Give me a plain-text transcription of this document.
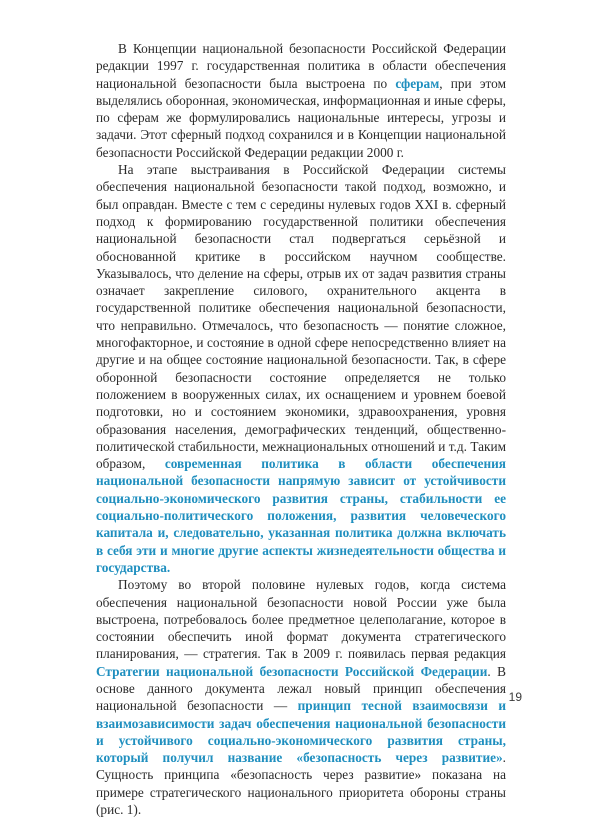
В Концепции национальной безопасности Российской Федерации редакции 1997 г. государственная политика в области обеспечения национальной безопасности была выстроена по сферам, при этом выделялись оборонная, экономическая, информационная и иные сферы, по сферам же формулировались национальные интересы, угрозы и задачи. Этот сферный подход сохранился и в Концепции национальной безопасности Российской Федерации редакции 2000 г.

На этапе выстраивания в Российской Федерации системы обеспечения национальной безопасности такой подход, возможно, и был оправдан. Вместе с тем с середины нулевых годов XXI в. сферный подход к формированию государственной политики обеспечения национальной безопасности стал подвергаться серьёзной и обоснованной критике в российском научном сообществе. Указывалось, что деление на сферы, отрыв их от задач развития страны означает закрепление силового, охранительного акцента в государственной политике обеспечения национальной безопасности, что неправильно. Отмечалось, что безопасность — понятие сложное, многофакторное, и состояние в одной сфере непосредственно влияет на другие и на общее состояние национальной безопасности. Так, в сфере оборонной безопасности состояние определяется не только положением в вооруженных силах, их оснащением и уровнем боевой подготовки, но и состоянием экономики, здравоохранения, уровня образования населения, демографических тенденций, общественно-политической стабильности, межнациональных отношений и т.д. Таким образом, современная политика в области обеспечения национальной безопасности напрямую зависит от устойчивости социально-экономического развития страны, стабильности ее социально-политического положения, развития человеческого капитала и, следовательно, указанная политика должна включать в себя эти и многие другие аспекты жизнедеятельности общества и государства.

Поэтому во второй половине нулевых годов, когда система обеспечения национальной безопасности новой России уже была выстроена, потребовалось более предметное целеполагание, которое в состоянии обеспечить иной формат документа стратегического планирования, — стратегия. Так в 2009 г. появилась первая редакция Стратегии национальной безопасности Российской Федерации. В основе данного документа лежал новый принцип обеспечения национальной безопасности — принцип тесной взаимосвязи и взаимозависимости задач обеспечения национальной безопасности и устойчивого социально-экономического развития страны, который получил название «безопасность через развитие». Сущность принципа «безопасность через развитие» показана на примере стратегического национального приоритета обороны страны (рис. 1).

19
